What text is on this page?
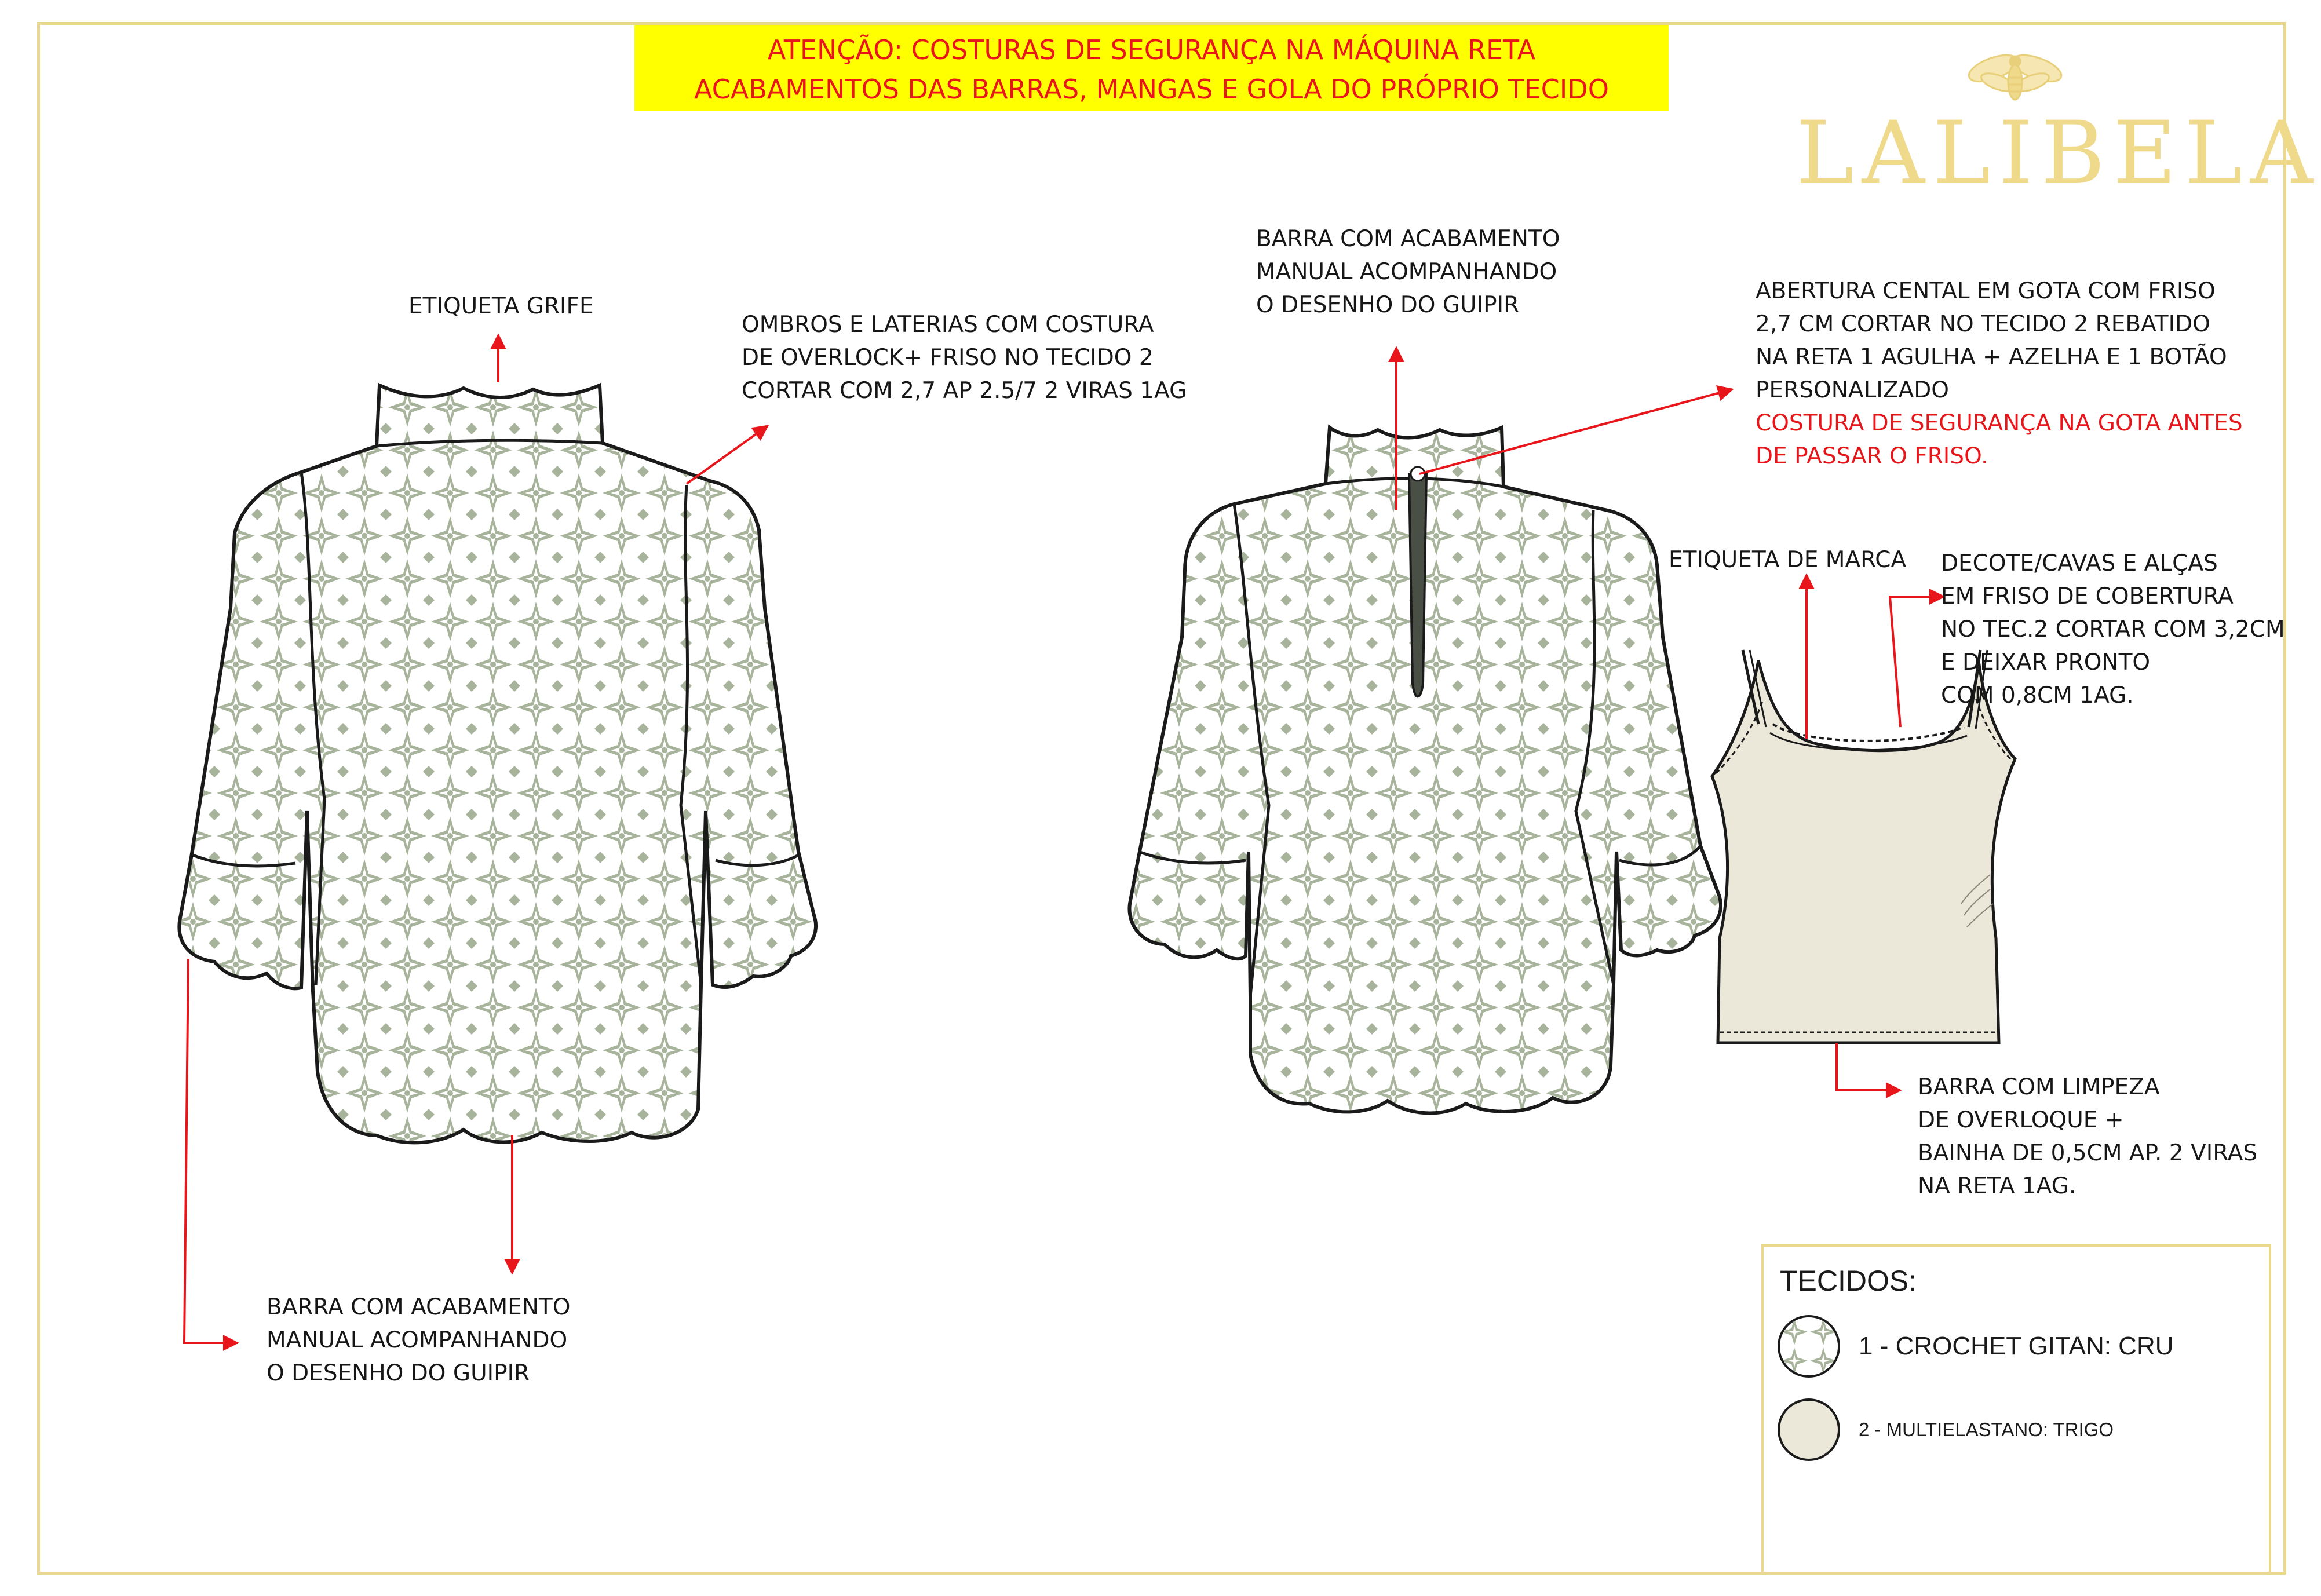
ATENÇÃO: COSTURAS DE SEGURANÇA NA MÁQUINA RETA
ACABAMENTOS DAS BARRAS, MANGAS E GOLA DO PRÓPRIO TECIDO
LALIBELA
ETIQUETA GRIFE
OMBROS E LATERIAS COM COSTURA
DE OVERLOCK+ FRISO NO TECIDO 2
CORTAR COM 2,7 AP 2.5/7 2 VIRAS 1AG
BARRA COM ACABAMENTO
MANUAL ACOMPANHANDO
O DESENHO DO GUIPIR
BARRA COM ACABAMENTO
MANUAL ACOMPANHANDO
O DESENHO DO GUIPIR
ABERTURA CENTAL EM GOTA COM FRISO
2,7 CM CORTAR NO TECIDO 2 REBATIDO
NA RETA 1 AGULHA + AZELHA E 1 BOTÃO
PERSONALIZADO
COSTURA DE SEGURANÇA NA GOTA ANTES
DE PASSAR O FRISO.
ETIQUETA DE MARCA DECOTE/CAVAS E ALÇAS
EM FRISO DE COBERTURA
NO TEC.2 CORTAR COM 3,2CM
E DEIXAR PRONTO
COM 0,8CM 1AG.
BARRA COM LIMPEZA
DE OVERLOQUE +
BAINHA DE 0,5CM AP. 2 VIRAS
NA RETA 1AG.
TECIDOS:
1 - CROCHET GITAN: CRU
2 - MULTIELASTANO: TRIGO
